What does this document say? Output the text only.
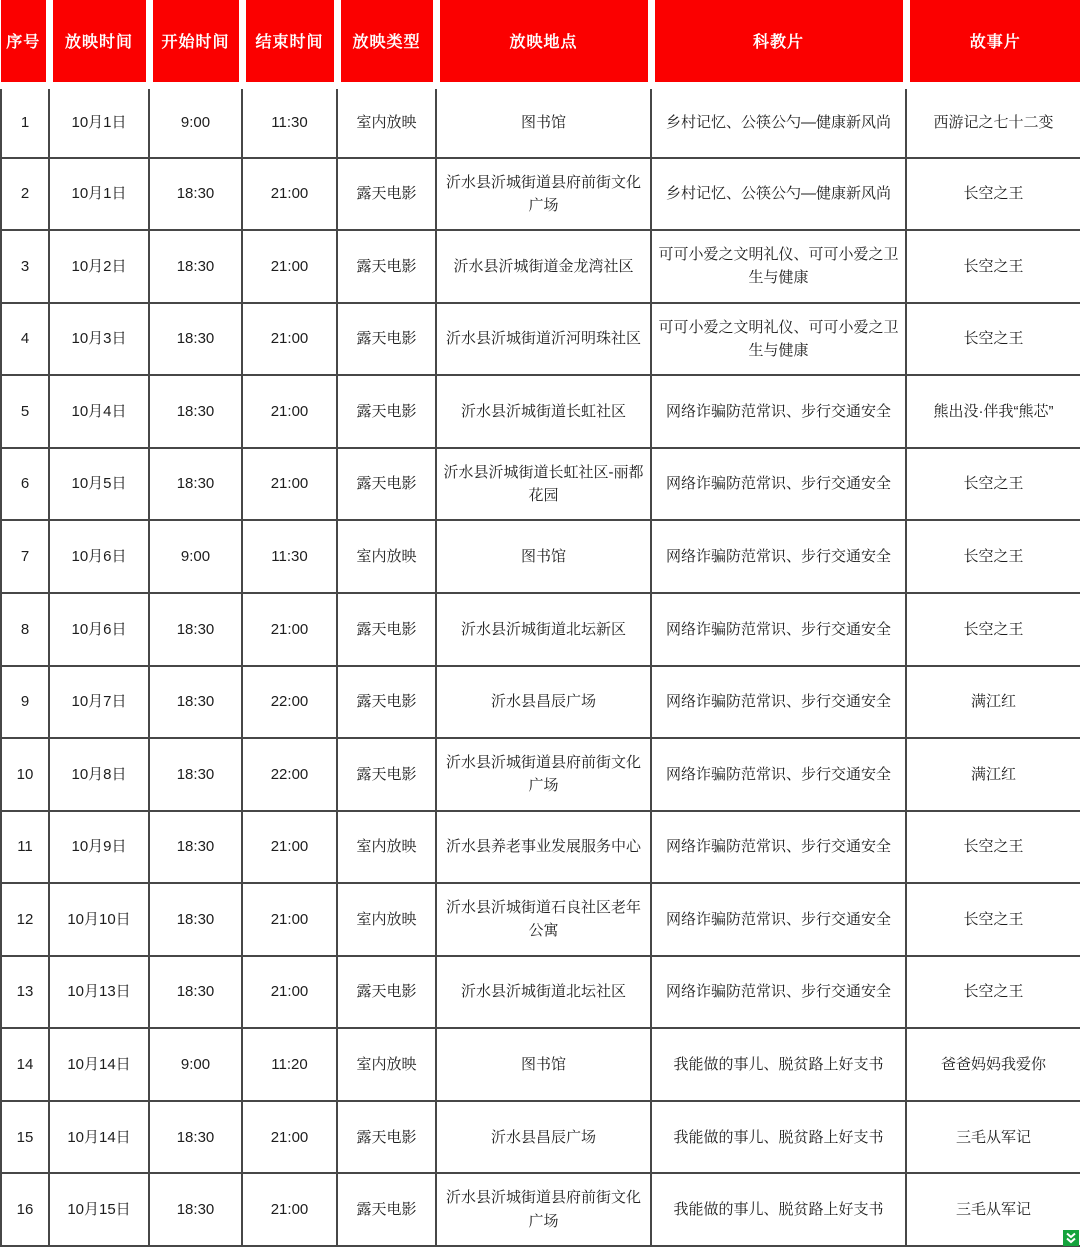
序号	放映时间	开始时间	结束时间	放映类型	放映地点	科教片	故事片
1	10月1日	9:00	11:30	室内放映	图书馆	乡村记忆、公筷公勺—健康新风尚	西游记之七十二变
2	10月1日	18:30	21:00	露天电影	沂水县沂城街道县府前街文化广场	乡村记忆、公筷公勺—健康新风尚	长空之王
3	10月2日	18:30	21:00	露天电影	沂水县沂城街道金龙湾社区	可可小爱之文明礼仪、可可小爱之卫生与健康	长空之王
4	10月3日	18:30	21:00	露天电影	沂水县沂城街道沂河明珠社区	可可小爱之文明礼仪、可可小爱之卫生与健康	长空之王
5	10月4日	18:30	21:00	露天电影	沂水县沂城街道长虹社区	网络诈骗防范常识、步行交通安全	熊出没·伴我“熊芯”
6	10月5日	18:30	21:00	露天电影	沂水县沂城街道长虹社区-丽都花园	网络诈骗防范常识、步行交通安全	长空之王
7	10月6日	9:00	11:30	室内放映	图书馆	网络诈骗防范常识、步行交通安全	长空之王
8	10月6日	18:30	21:00	露天电影	沂水县沂城街道北坛新区	网络诈骗防范常识、步行交通安全	长空之王
9	10月7日	18:30	22:00	露天电影	沂水县昌辰广场	网络诈骗防范常识、步行交通安全	满江红
10	10月8日	18:30	22:00	露天电影	沂水县沂城街道县府前街文化广场	网络诈骗防范常识、步行交通安全	满江红
11	10月9日	18:30	21:00	室内放映	沂水县养老事业发展服务中心	网络诈骗防范常识、步行交通安全	长空之王
12	10月10日	18:30	21:00	室内放映	沂水县沂城街道石良社区老年公寓	网络诈骗防范常识、步行交通安全	长空之王
13	10月13日	18:30	21:00	露天电影	沂水县沂城街道北坛社区	网络诈骗防范常识、步行交通安全	长空之王
14	10月14日	9:00	11:20	室内放映	图书馆	我能做的事儿、脱贫路上好支书	爸爸妈妈我爱你
15	10月14日	18:30	21:00	露天电影	沂水县昌辰广场	我能做的事儿、脱贫路上好支书	三毛从军记
16	10月15日	18:30	21:00	露天电影	沂水县沂城街道县府前街文化广场	我能做的事儿、脱贫路上好支书	三毛从军记
